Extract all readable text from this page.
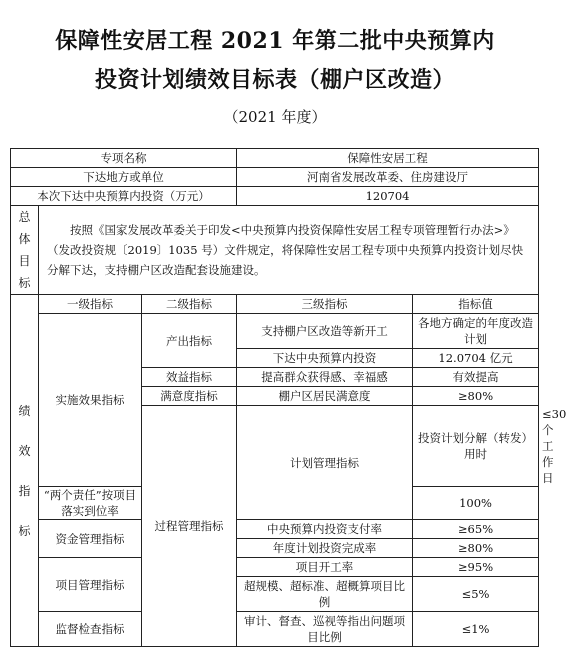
保障性安居工程 2021 年第二批中央预算内
投资计划绩效目标表（棚户区改造）
（2021 年度）
专项名称			保障性安居工程		
下达地方或单位			河南省发展改革委、住房建设厅		
本次下达中央预算内投资（万元）			120704		

总
体
目
标	按照《国家发展改革委关于印发<中央预算内投资保障性安居工程专项管理暂行办法>》（发改投资规〔2019〕1035 号）文件规定，将保障性安居工程专项中央预算内投资计划尽快分解下达，支持棚户区改造配套设施建设。				

绩
效
指
标	一级指标	二级指标	三级指标	指标值	
	实施效果指标	产出指标	支持棚户区改造等新开工	各地方确定的年度改造计划	
			下达中央预算内投资	12.0704 亿元	
		效益指标	提高群众获得感、幸福感	有效提高	
		满意度指标	棚户区居民满意度	≥80%	
		过程管理指标	计划管理指标	投资计划分解（转发）用时	≤30 个工作日
	“两个责任”按项目落实到位率			100%	
	资金管理指标		中央预算内投资支付率	≥65%	
			年度计划投资完成率	≥80%	
	项目管理指标		项目开工率	≥95%	
			超规模、超标准、超概算项目比例	≤5%	
	监督检查指标		审计、督查、巡视等指出问题项目比例	≤1%	
